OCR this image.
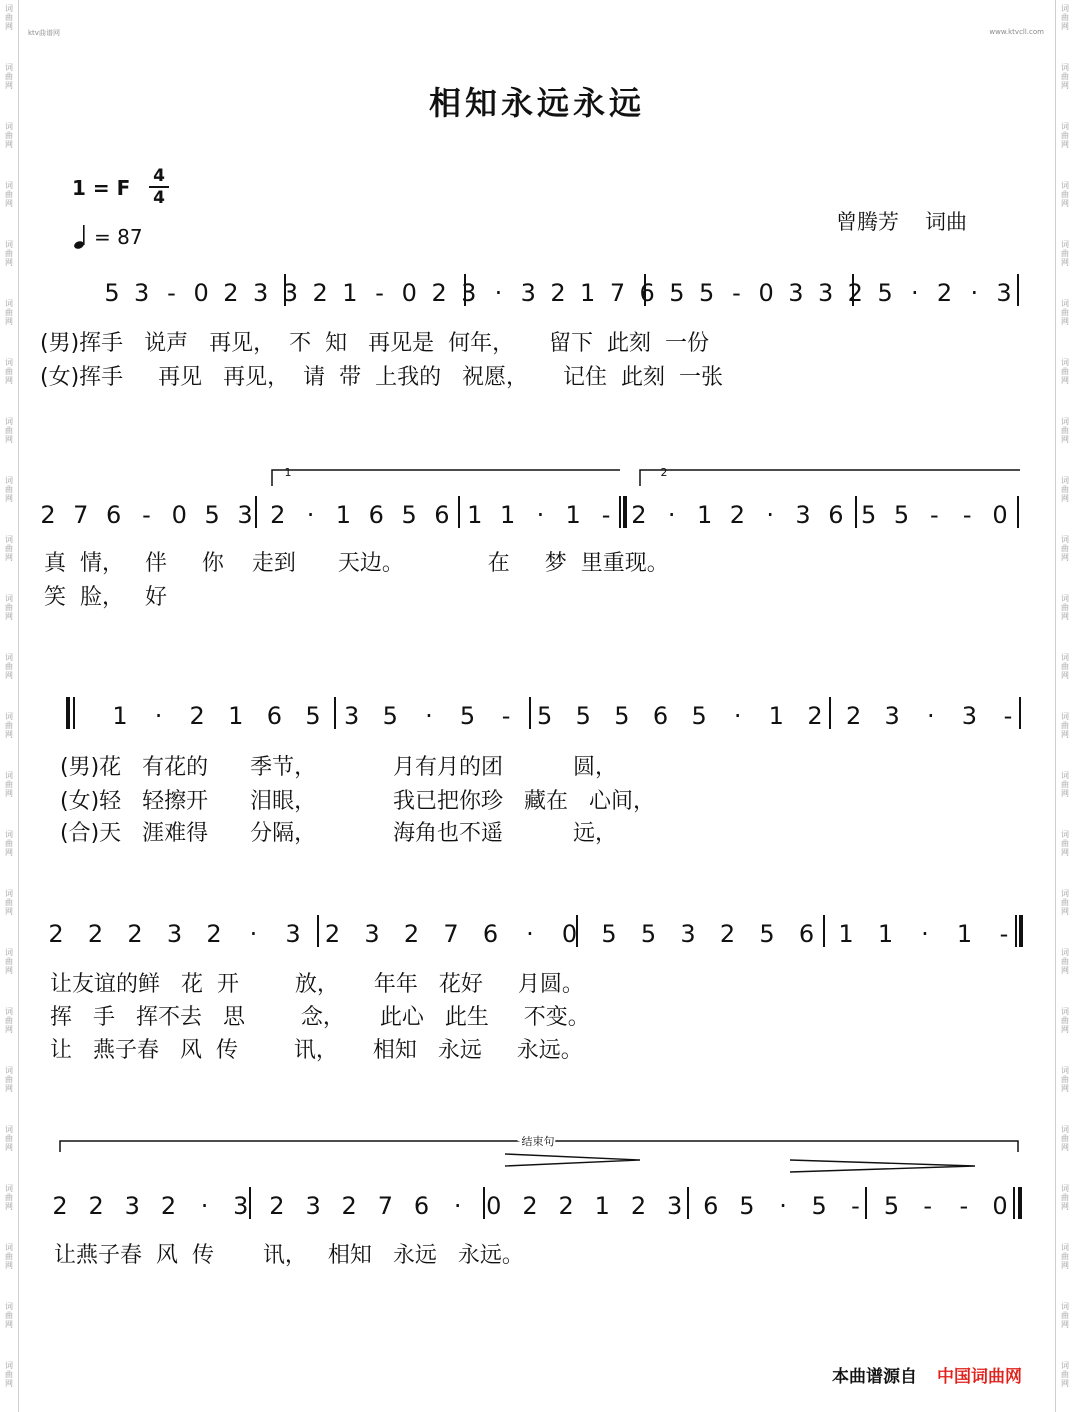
词
曲
网
词
曲
网
词
曲
网
词
曲
网
词
曲
网
词
曲
网
词
曲
网
词
曲
网
词
曲
网
词
曲
网
词
曲
网
词
曲
网
词
曲
网
词
曲
网
词
曲
网
词
曲
网
词
曲
网
词
曲
网
词
曲
网
词
曲
网
词
曲
网
词
曲
网
词
曲
网
词
曲
网
词
曲
网
词
曲
网
词
曲
网
词
曲
网
词
曲
网
词
曲
网
词
曲
网
词
曲
网
词
曲
网
词
曲
网
词
曲
网
词
曲
网
词
曲
网
词
曲
网
词
曲
网
词
曲
网
词
曲
网
词
曲
网
词
曲
网
词
曲
网
词
曲
网
词
曲
网
词
曲
网
词
曲
网
ktv曲谱网	www.ktvcll.com
相知永远永远
1 = F 4
4
= 87
曾腾芳 词曲
5 3 - 0 2 3 3 2 1 - 0 2 3 · 3 2 1 7 6 5 5 - 0 3 3 2 5 · 2 · 3
2 7 6 - 0 5 3 2 · 1 6 5 6 1 1 · 1 - 2 · 1 2 · 3 6 5 5 - - 0
1 · 2 1 6 5 3 5 · 5 - 5 5 5 6 5 · 1 2 2 3 · 3 -
2 2 2 3 2 · 3 2 3 2 7 6 · 0 5 5 3 2 5 6 1 1 · 1 -
2 2 3 2 · 3 2 3 2 7 6 · 0 2 2 1 2 3 6 5 · 5 - 5 - - 0
1	2
结束句
(男)挥手   说声   再见，  不  知   再见是  何年，     留下  此刻  一份
(女)挥手     再见   再见，  请  带  上我的   祝愿，     记住  此刻  一张
真  情，   伴     你    走到      天边。            在     梦  里重现。
笑  脸，   好
(男)花   有花的      季节，           月有月的团          圆，
(女)轻   轻擦开      泪眼，           我已把你珍   藏在   心间，
(合)天   涯难得      分隔，           海角也不遥          远，
让友谊的鲜   花  开        放，     年年   花好     月圆。
挥   手   挥不去   思        念，     此心   此生     不变。
让   燕子春   风  传        讯，     相知   永远     永远。
让燕子春  风  传       讯，   相知   永远   永远。
本曲谱源自 中国词曲网
